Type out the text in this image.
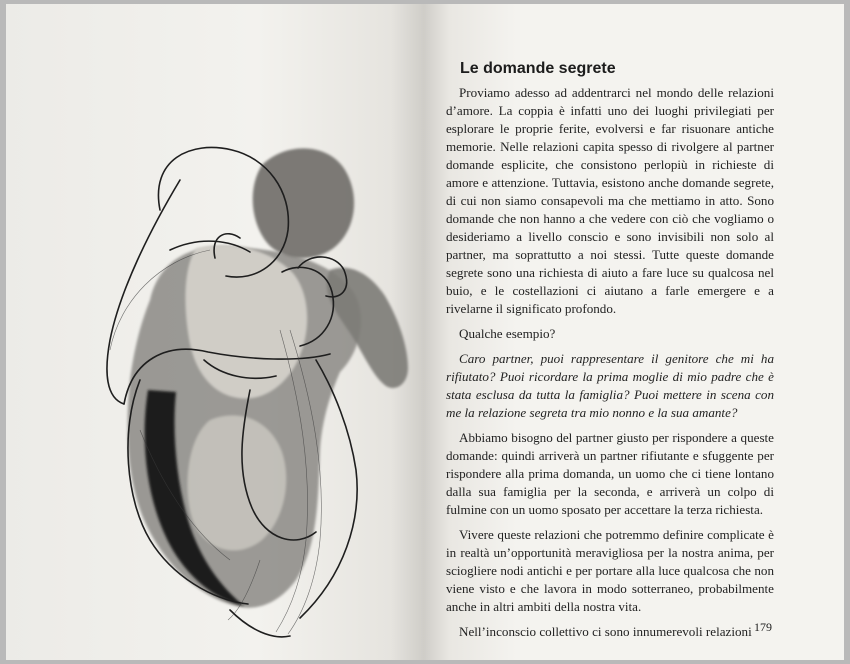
Le domande segrete

Proviamo adesso ad addentrarci nel mondo delle relazioni d’amore. La coppia è infatti uno dei luoghi privilegiati per esplorare le proprie ferite, evolversi e far risuonare antiche memorie. Nelle relazioni capita spesso di rivolgere al partner domande esplicite, che consistono perlopiù in richieste di amore e attenzione. Tuttavia, esistono anche domande segrete, di cui non siamo consapevoli ma che mettiamo in atto. Sono domande che non hanno a che vedere con ciò che vogliamo o desideriamo a livello conscio e sono invisibili non solo al partner, ma soprattutto a noi stessi. Tutte queste domande segrete sono una richiesta di aiuto a fare luce su qualcosa nel buio, e le costellazioni ci aiutano a farle emergere e a rivelarne il significato profondo.

Qualche esempio?

Caro partner, puoi rappresentare il genitore che mi ha rifiutato? Puoi ricordare la prima moglie di mio padre che è stata esclusa da tutta la famiglia? Puoi mettere in scena con me la relazione segreta tra mio nonno e la sua amante?

Abbiamo bisogno del partner giusto per rispondere a queste domande: quindi arriverà un partner rifiutante e sfuggente per rispondere alla prima domanda, un uomo che ci tiene lontano dalla sua famiglia per la seconda, e arriverà un colpo di fulmine con un uomo sposato per accettare la terza richiesta.

Vivere queste relazioni che potremmo definire complicate è in realtà un’opportunità meravigliosa per la nostra anima, per sciogliere nodi antichi e per portare alla luce qualcosa che non viene visto e che lavora in modo sotterraneo, probabilmente anche in altri ambiti della nostra vita.

Nell’inconscio collettivo ci sono innumerevoli relazioni 179
